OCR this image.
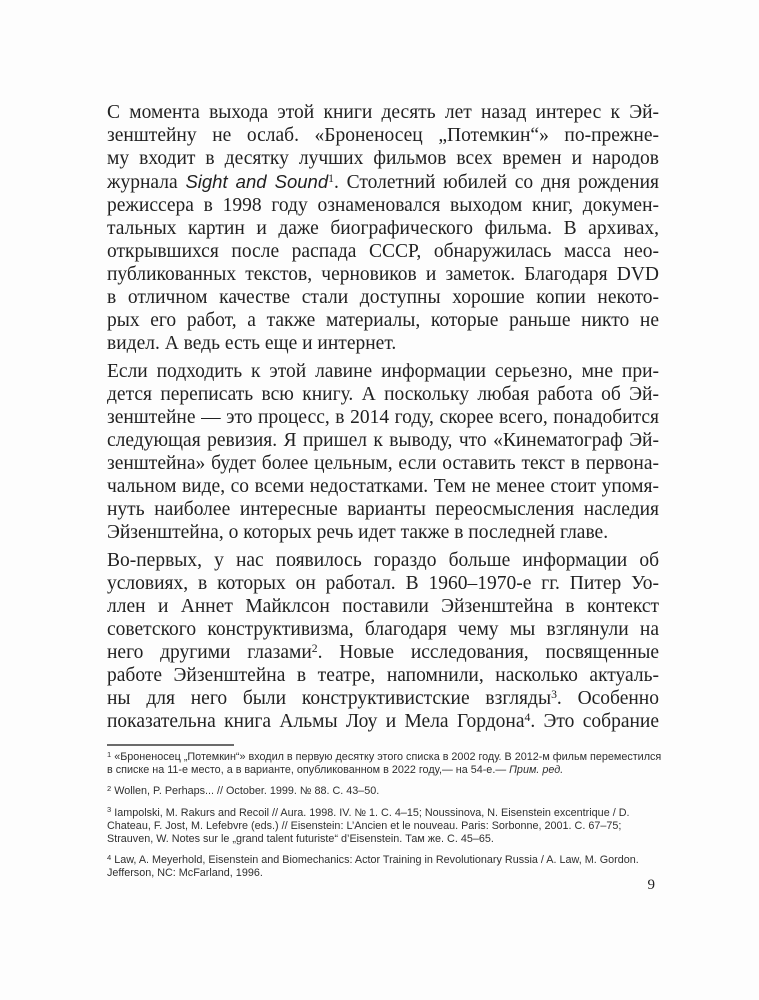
С момента выхода этой книги десять лет назад интерес к Эй-
зенштейну не ослаб. «Броненосец „Потемкин“» по-прежне-
му входит в десятку лучших фильмов всех времен и народов
журнала Sight and Sound$^1$. Столетний юбилей со дня рождения
режиссера в 1998 году ознаменовался выходом книг, докумен-
тальных картин и даже биографического фильма. В архивах,
открывшихся после распада СССР, обнаружилась масса нео-
публикованных текстов, черновиков и заметок. Благодаря DVD
в отличном качестве стали доступны хорошие копии некото-
рых его работ, а также материалы, которые раньше никто не
видел. А ведь есть еще и интернет.
Если подходить к этой лавине информации серьезно, мне при-
дется переписать всю книгу. А поскольку любая работа об Эй-
зенштейне — это процесс, в 2014 году, скорее всего, понадобится
следующая ревизия. Я пришел к выводу, что «Кинематограф Эй-
зенштейна» будет более цельным, если оставить текст в первона-
чальном виде, со всеми недостатками. Тем не менее стоит упомя-
нуть наиболее интересные варианты переосмысления наследия
Эйзенштейна, о которых речь идет также в последней главе.
Во-первых, у нас появилось гораздо больше информации об
условиях, в которых он работал. В 1960–1970-е гг. Питер Уо-
ллен и Аннет Майклсон поставили Эйзенштейна в контекст
советского конструктивизма, благодаря чему мы взглянули на
него другими глазами$^2$. Новые исследования, посвященные
работе Эйзенштейна в театре, напомнили, насколько актуаль-
ны для него были конструктивистские взгляды$^3$. Особенно
показательна книга Альмы Лоу и Мела Гордона$^4$. Это собрание
$^1$ «Броненосец „Потемкин“» входил в первую десятку этого списка в 2002 году. В 2012-м фильм переместился в списке на 11-е место, а в варианте, опубликованном в 2022 году,— на 54-е.— Прим. ред.
$^2$ Wollen, P. Perhaps... // October. 1999. № 88. С. 43–50.
$^3$ Iampolski, M. Rakurs and Recoil // Aura. 1998. IV. № 1. С. 4–15; Noussinova, N. Eisenstein excentrique / D. Chateau, F. Jost, M. Lefebvre (eds.) // Eisenstein: L’Ancien et le nouveau. Paris: Sorbonne, 2001. С. 67–75; Strauven, W. Notes sur le „grand talent futuriste“ d’Eisenstein. Там же. С. 45–65.
$^4$ Law, A. Meyerhold, Eisenstein and Biomechanics: Actor Training in Revolutionary Russia / A. Law, M. Gordon. Jefferson, NC: McFarland, 1996.
9
